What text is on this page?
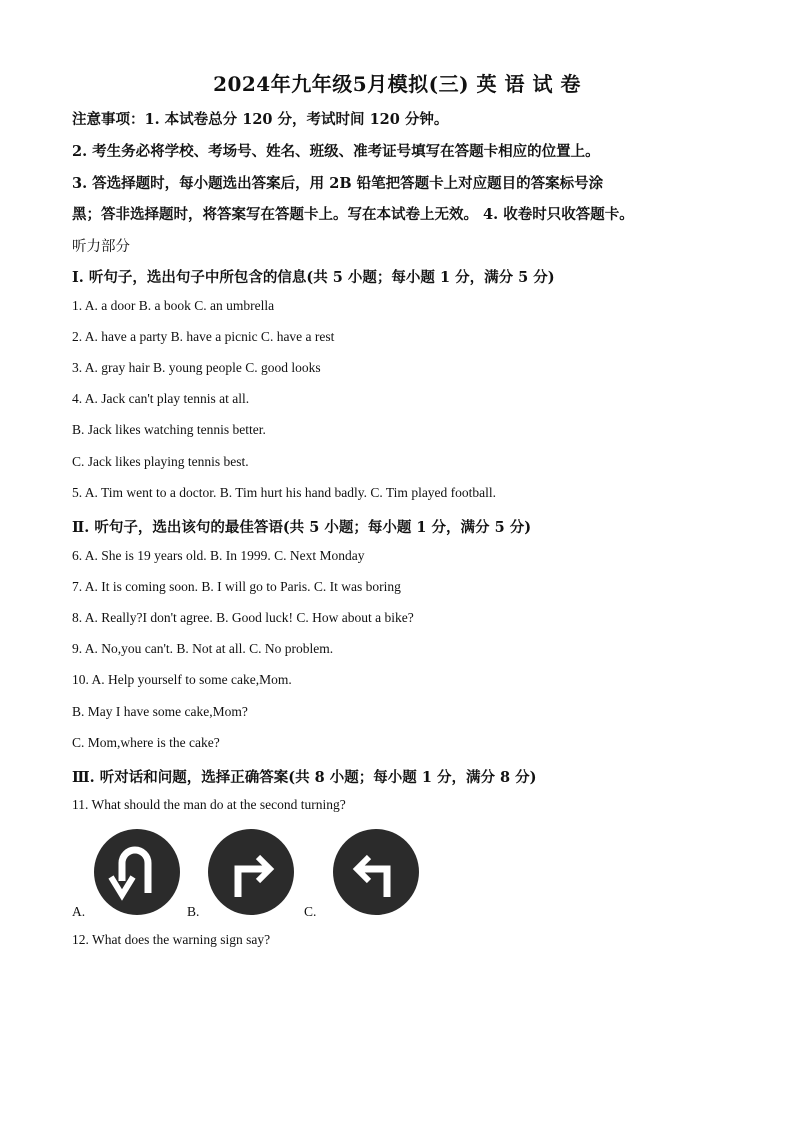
2024年九年级5月模拟(三) 英 语 试 卷
注意事项：1. 本试卷总分 120 分，考试时间 120 分钟。
2. 考生务必将学校、考场号、姓名、班级、准考证号填写在答题卡相应的位置上。
3. 答选择题时，每小题选出答案后，用 2B 铅笔把答题卡上对应题目的答案标号涂
黑；答非选择题时，将答案写在答题卡上。写在本试卷上无效。 4. 收卷时只收答题卡。
听力部分
I. 听句子，选出句子中所包含的信息(共 5 小题；每小题 1 分，满分 5 分)
1. A. a door B. a book C. an umbrella
2. A. have a party B. have a picnic C. have a rest
3. A. gray hair B. young people C. good looks
4. A. Jack can't play tennis at all.
B. Jack likes watching tennis better.
C. Jack likes playing tennis best.
5. A. Tim went to a doctor. B. Tim hurt his hand badly. C. Tim played football.
Ⅱ. 听句子，选出该句的最佳答语(共 5 小题；每小题 1 分，满分 5 分)
6. A. She is 19 years old. B. In 1999. C. Next Monday
7. A. It is coming soon. B. I will go to Paris. C. It was boring
8. A. Really?I don't agree. B. Good luck! C. How about a bike?
9. A. No,you can't. B. Not at all. C. No problem.
10. A. Help yourself to some cake,Mom.
B. May I have some cake,Mom?
C. Mom,where is the cake?
Ⅲ. 听对话和问题，选择正确答案(共 8 小题；每小题 1 分，满分 8 分)
11. What should the man do at the second turning?
A.	B.	C.
12. What does the warning sign say?
